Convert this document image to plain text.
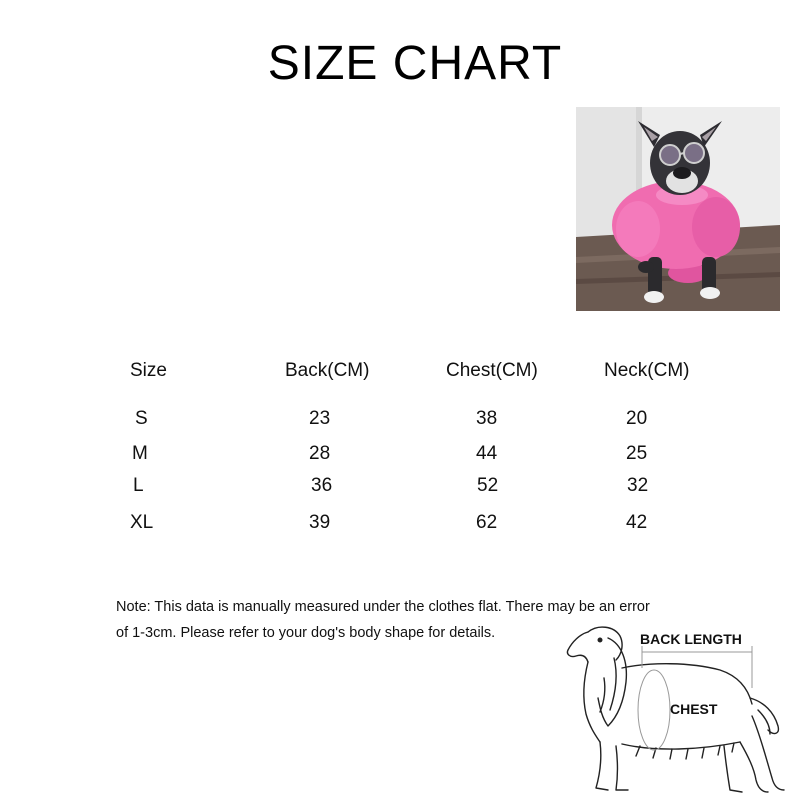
SIZE CHART
Size	Back(CM)	Chest(CM)	Neck(CM)
S	23	38	20
M	28	44	25
L	36	52	32
XL	39	62	42
Note: This data is manually measured under the clothes flat. There may be an error of 1-3cm. Please refer to your dog's body shape for details.	BACK LENGTH
CHEST
